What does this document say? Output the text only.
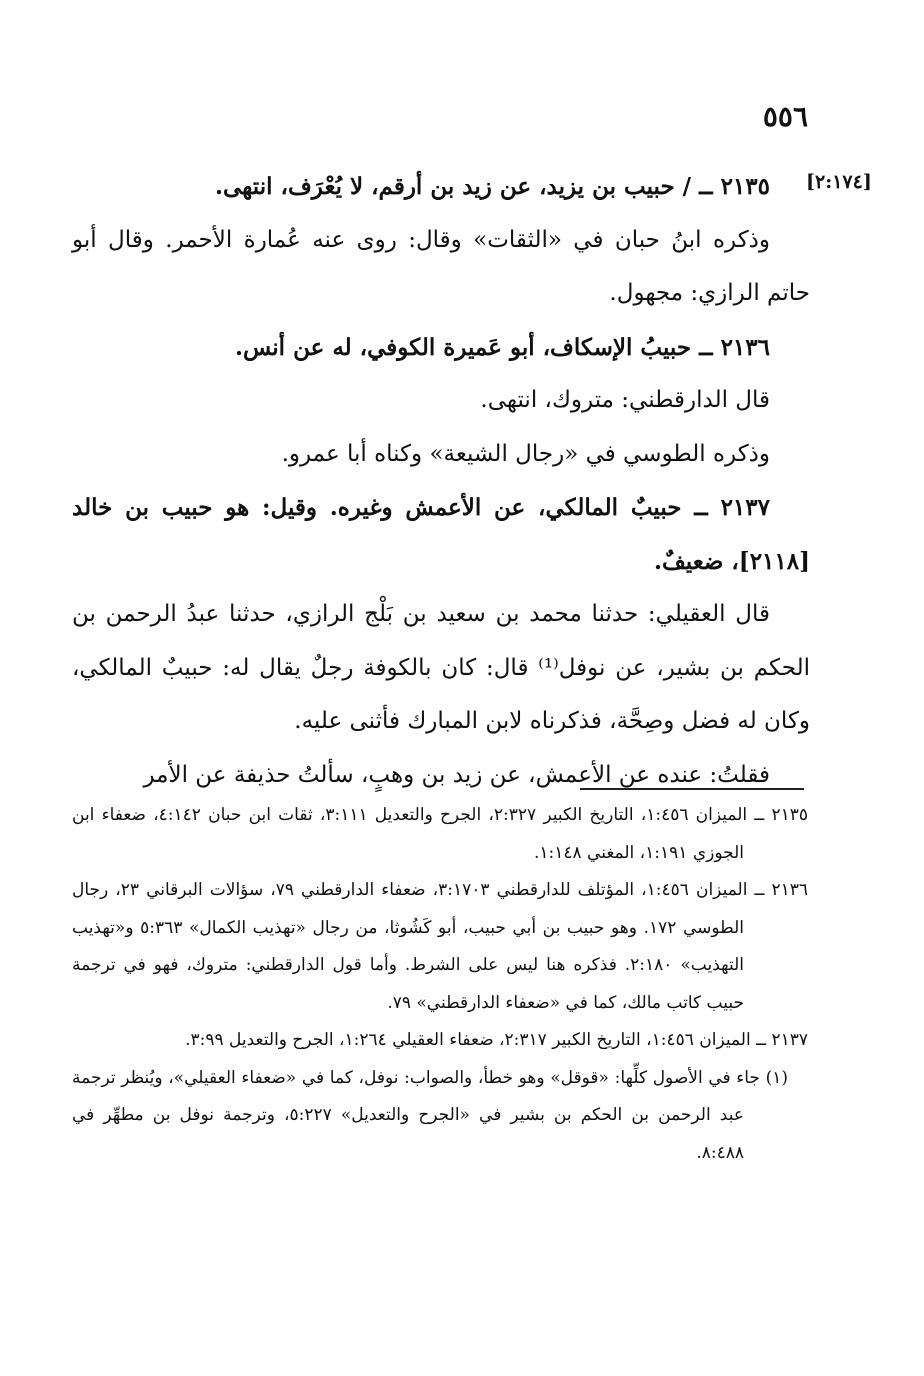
٥٥٦
[٢:١٧٤]

٢١٣٥ ــ / حبيب بن يزيد، عن زيد بن أرقم، لا يُعْرَف، انتهى.

وذكره ابنُ حبان في «الثقات» وقال: روى عنه عُمارة الأحمر. وقال أبو حاتم الرازي: مجهول.

٢١٣٦ ــ حبيبُ الإسكاف، أبو عَميرة الكوفي، له عن أنس.

قال الدارقطني: متروك، انتهى.

وذكره الطوسي في «رجال الشيعة» وكناه أبا عمرو.

٢١٣٧ ــ حبيبٌ المالكي، عن الأعمش وغيره. وقيل: هو حبيب بن خالد [٢١١٨]، ضعيفٌ.

قال العقيلي: حدثنا محمد بن سعيد بن بَلْج الرازي، حدثنا عبدُ الرحمن بن الحكم بن بشير، عن نوفل⁽¹⁾ قال: كان بالكوفة رجلٌ يقال له: حبيبٌ المالكي، وكان له فضل وصِحَّة، فذكرناه لابن المبارك فأثنى عليه.

فقلتُ: عنده عن الأعمش، عن زيد بن وهبٍ، سألتُ حذيفة عن الأمر

٢١٣٥ ــ الميزان ١:٤٥٦، التاريخ الكبير ٢:٣٢٧، الجرح والتعديل ٣:١١١، ثقات ابن حبان ٤:١٤٢، ضعفاء ابن الجوزي ١:١٩١، المغني ١:١٤٨.

٢١٣٦ ــ الميزان ١:٤٥٦، المؤتلف للدارقطني ٣:١٧٠٣، ضعفاء الدارقطني ٧٩، سؤالات البرقاني ٢٣، رجال الطوسي ١٧٢. وهو حبيب بن أبي حبيب، أبو كَشُوثا، من رجال «تهذيب الكمال» ٥:٣٦٣ و«تهذيب التهذيب» ٢:١٨٠. فذكره هنا ليس على الشرط. وأما قول الدارقطني: متروك، فهو في ترجمة حبيب كاتب مالك، كما في «ضعفاء الدارقطني» ٧٩.

٢١٣٧ ــ الميزان ١:٤٥٦، التاريخ الكبير ٢:٣١٧، ضعفاء العقيلي ١:٢٦٤، الجرح والتعديل ٣:٩٩.

(١) جاء في الأصول كلِّها: «قوقل» وهو خطأ، والصواب: نوفل، كما في «ضعفاء العقيلي»، ويُنظر ترجمة عبد الرحمن بن الحكم بن بشير في «الجرح والتعديل» ٥:٢٢٧، وترجمة نوفل بن مطهِّر في ٨:٤٨٨.
